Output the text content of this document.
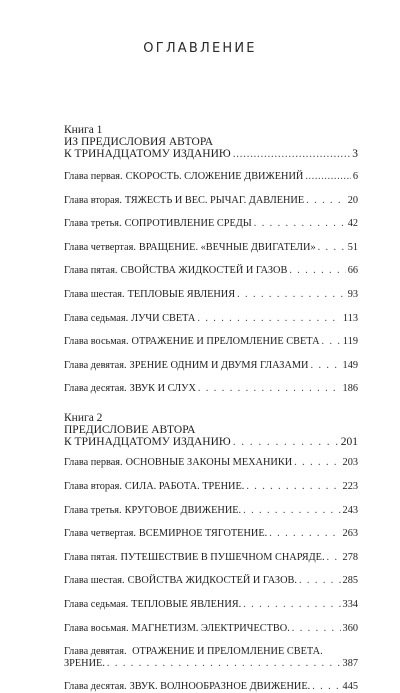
ОГЛАВЛЕНИЕ
Книга 1
ИЗ ПРЕДИСЛОВИЯ АВТОРА
К ТРИНАДЦАТОМУ ИЗДАНИЮ .....	3
Глава первая. СКОРОСТЬ. СЛОЖЕНИЕ ДВИЖЕНИЙ .....	6
Глава вторая. ТЯЖЕСТЬ И ВЕС. РЫЧАГ. ДАВЛЕНИЕ . . .	20
Глава третья. СОПРОТИВЛЕНИЕ СРЕДЫ . . .	42
Глава четвертая. ВРАЩЕНИЕ. «ВЕЧНЫЕ ДВИГАТЕЛИ» . . .	51
Глава пятая. СВОЙСТВА ЖИДКОСТЕЙ И ГАЗОВ . . .	66
Глава шестая. ТЕПЛОВЫЕ ЯВЛЕНИЯ . . .	93
Глава седьмая. ЛУЧИ СВЕТА . . .	113
Глава восьмая. ОТРАЖЕНИЕ И ПРЕЛОМЛЕНИЕ СВЕТА . . . 119
Глава девятая. ЗРЕНИЕ ОДНИМ И ДВУМЯ ГЛАЗАМИ . . .	149
Глава десятая. ЗВУК И СЛУХ . . .	186
Книга 2
ПРЕДИСЛОВИЕ АВТОРА
К ТРИНАДЦАТОМУ ИЗДАНИЮ . . .	201
Глава первая. ОСНОВНЫЕ ЗАКОНЫ МЕХАНИКИ . . .	203
Глава вторая. СИЛА. РАБОТА. ТРЕНИЕ. . . .	223
Глава третья. КРУГОВОЕ ДВИЖЕНИЕ. . . .	243
Глава четвертая. ВСЕМИРНОЕ ТЯГОТЕНИЕ. . . .	263
Глава пятая. ПУТЕШЕСТВИЕ В ПУШЕЧНОМ СНАРЯДЕ. . . . 278
Глава шестая. СВОЙСТВА ЖИДКОСТЕЙ И ГАЗОВ. . . .	285
Глава седьмая. ТЕПЛОВЫЕ ЯВЛЕНИЯ. . . .	334
Глава восьмая. МАГНЕТИЗМ. ЭЛЕКТРИЧЕСТВО. . . .	360
Глава девятая. ОТРАЖЕНИЕ И ПРЕЛОМЛЕНИЕ СВЕТА.
ЗРЕНИЕ. . . .	387
Глава десятая. ЗВУК. ВОЛНООБРАЗНОЕ ДВИЖЕНИЕ. . . .	445
